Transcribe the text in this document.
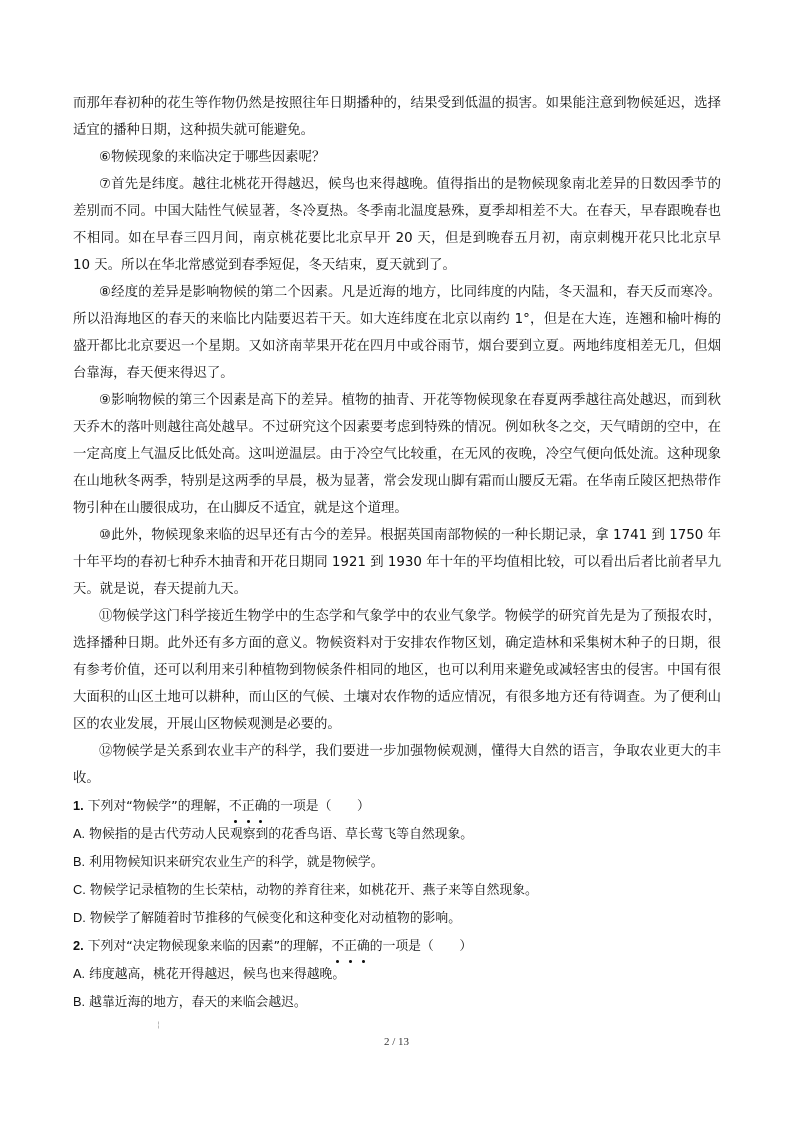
而那年春初种的花生等作物仍然是按照往年日期播种的，结果受到低温的损害。如果能注意到物候延迟，选择适宜的播种日期，这种损失就可能避免。

⑥物候现象的来临决定于哪些因素呢？

⑦首先是纬度。越往北桃花开得越迟，候鸟也来得越晚。值得指出的是物候现象南北差异的日数因季节的差别而不同。中国大陆性气候显著，冬冷夏热。冬季南北温度悬殊，夏季却相差不大。在春天，早春跟晚春也不相同。如在早春三四月间，南京桃花要比北京早开 20 天，但是到晚春五月初，南京刺槐开花只比北京早 10 天。所以在华北常感觉到春季短促，冬天结束，夏天就到了。

⑧经度的差异是影响物候的第二个因素。凡是近海的地方，比同纬度的内陆，冬天温和，春天反而寒冷。所以沿海地区的春天的来临比内陆要迟若干天。如大连纬度在北京以南约 1°，但是在大连，连翘和榆叶梅的盛开都比北京要迟一个星期。又如济南苹果开花在四月中或谷雨节，烟台要到立夏。两地纬度相差无几，但烟台靠海，春天便来得迟了。

⑨影响物候的第三个因素是高下的差异。植物的抽青、开花等物候现象在春夏两季越往高处越迟，而到秋天乔木的落叶则越往高处越早。不过研究这个因素要考虑到特殊的情况。例如秋冬之交，天气晴朗的空中，在一定高度上气温反比低处高。这叫逆温层。由于冷空气比较重，在无风的夜晚，冷空气便向低处流。这种现象在山地秋冬两季，特别是这两季的早晨，极为显著，常会发现山脚有霜而山腰反无霜。在华南丘陵区把热带作物引种在山腰很成功，在山脚反不适宜，就是这个道理。

⑩此外，物候现象来临的迟早还有古今的差异。根据英国南部物候的一种长期记录，拿 1741 到 1750 年十年平均的春初七种乔木抽青和开花日期同 1921 到 1930 年十年的平均值相比较，可以看出后者比前者早九天。就是说，春天提前九天。

⑪物候学这门科学接近生物学中的生态学和气象学中的农业气象学。物候学的研究首先是为了预报农时，选择播种日期。此外还有多方面的意义。物候资料对于安排农作物区划，确定造林和采集树木种子的日期，很有参考价值，还可以利用来引种植物到物候条件相同的地区，也可以利用来避免或减轻害虫的侵害。中国有很大面积的山区土地可以耕种，而山区的气候、土壤对农作物的适应情况，有很多地方还有待调查。为了便利山区的农业发展，开展山区物候观测是必要的。

⑫物候学是关系到农业丰产的科学，我们要进一步加强物候观测，懂得大自然的语言，争取农业更大的丰收。

1. 下列对“物候学”的理解，不正确的一项是（　　）

A. 物候指的是古代劳动人民观察到的花香鸟语、草长莺飞等自然现象。

B. 利用物候知识来研究农业生产的科学，就是物候学。

C. 物候学记录植物的生长荣枯，动物的养育往来，如桃花开、燕子来等自然现象。

D. 物候学了解随着时节推移的气候变化和这种变化对动植物的影响。

2. 下列对“决定物候现象来临的因素”的理解，不正确的一项是（　　）

A. 纬度越高，桃花开得越迟，候鸟也来得越晚。

B. 越靠近海的地方，春天的来临会越迟。

¦
2 / 13
